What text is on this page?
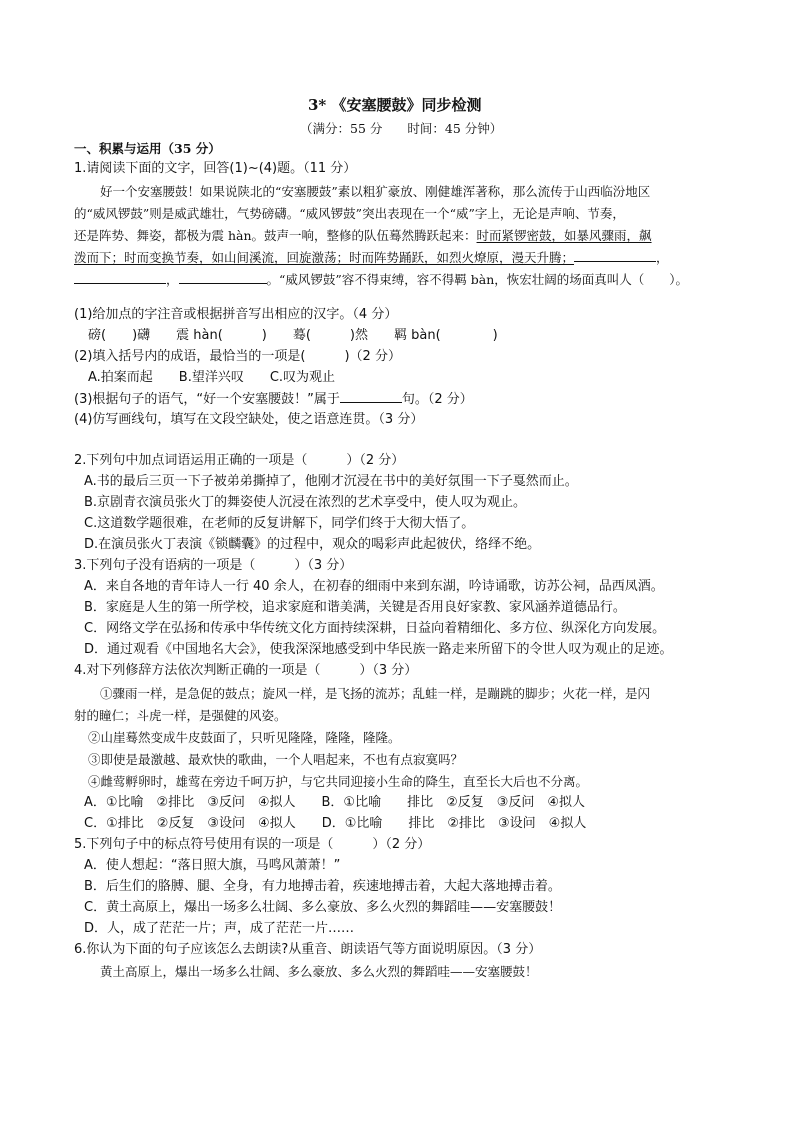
3* 《安塞腰鼓》同步检测
（满分：55 分　　时间：45 分钟）
一、积累与运用（35 分）
1.请阅读下面的文字，回答(1)~(4)题。（11 分）
好一个安塞腰鼓！如果说陕北的“安塞腰鼓”素以粗犷豪放、刚健雄浑著称，那么流传于山西临汾地区
的“威风锣鼓”则是威武雄壮，气势磅礴。“威风锣鼓”突出表现在一个“威”字上，无论是声响、节奏，
还是阵势、舞姿，都极为震 hàn。鼓声一响，整修的队伍蓦然腾跃起来：时而紧锣密鼓，如暴风骤雨，飙
泼而下；时而变换节奏，如山间溪流，回旋激荡；时而阵势踊跃，如烈火燎原，漫天升腾；	，
，	。“威风锣鼓”容不得束缚，容不得羁 bàn，恢宏壮阔的场面真叫人（　　）。
(1)给加点的字注音或根据拼音写出相应的汉字。（4 分）
磅(　　)礴　　震 hàn(　　　)　　蓦(　　　)然　　羁 bàn(　　　　)
(2)填入括号内的成语，最恰当的一项是(　　　)（2 分）
A.拍案而起　　B.望洋兴叹　　C.叹为观止
(3)根据句子的语气，“好一个安塞腰鼓！”属于	句。（2 分）
(4)仿写画线句，填写在文段空缺处，使之语意连贯。（3 分）
2.下列句中加点词语运用正确的一项是（　　　）（2 分）
A.书的最后三页一下子被弟弟撕掉了，他刚才沉浸在书中的美好氛围一下子戛然而止。
B.京剧青衣演员张火丁的舞姿使人沉浸在浓烈的艺术享受中，使人叹为观止。
C.这道数学题很难，在老师的反复讲解下，同学们终于大彻大悟了。
D.在演员张火丁表演《锁麟囊》的过程中，观众的喝彩声此起彼伏，络绎不绝。
3.下列句子没有语病的一项是（　　　）（3 分）
A．来自各地的青年诗人一行 40 余人，在初春的细雨中来到东湖，吟诗诵歌，访苏公祠，品西凤酒。
B．家庭是人生的第一所学校，追求家庭和谐美满，关键是否用良好家教、家风涵养道德品行。
C．网络文学在弘扬和传承中华传统文化方面持续深耕，日益向着精细化、多方位、纵深化方向发展。
D．通过观看《中国地名大会》，使我深深地感受到中华民族一路走来所留下的令世人叹为观止的足迹。
4.对下列修辞方法依次判断正确的一项是（　　　）（3 分）
①骤雨一样，是急促的鼓点；旋风一样，是飞扬的流苏；乱蛙一样，是蹦跳的脚步；火花一样，是闪
射的瞳仁；斗虎一样，是强健的风姿。
②山崖蓦然变成牛皮鼓面了，只听见隆隆，隆隆，隆隆。
③即使是最激越、最欢快的歌曲，一个人唱起来，不也有点寂寞吗？
④雌莺孵卵时，雄莺在旁边千呵万护，与它共同迎接小生命的降生，直至长大后也不分离。
A．①比喻　②排比　③反问　④拟人　　B．①比喻　　排比　②反复　③反问　④拟人
C．①排比　②反复　③设问　④拟人　　D．①比喻　　排比　②排比　③设问　④拟人
5.下列句子中的标点符号使用有误的一项是（　　　）（2 分）
A．使人想起：“落日照大旗，马鸣风萧萧！”
B．后生们的胳膊、腿、全身，有力地搏击着，疾速地搏击着，大起大落地搏击着。
C．黄土高原上，爆出一场多么壮阔、多么豪放、多么火烈的舞蹈哇——安塞腰鼓！
D．人，成了茫茫一片；声，成了茫茫一片……
6.你认为下面的句子应该怎么去朗读?从重音、朗读语气等方面说明原因。（3 分）
黄土高原上，爆出一场多么壮阔、多么豪放、多么火烈的舞蹈哇——安塞腰鼓！
